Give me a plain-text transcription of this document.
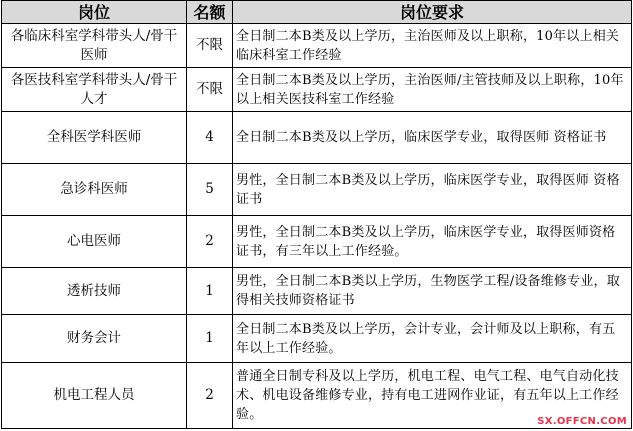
岗位	名额	岗位要求
各临床科室学科带头人/骨干医师	不限	全日制二本B类及以上学历，主治医师及以上职称，10年以上相关临床科室工作经验
各医技科室学科带头人/骨干人才	不限	全日制二本B类及以上学历，主治医师/主管技师及以上职称，10年以上相关医技科室工作经验
全科医学科医师	4	全日制二本B类及以上学历，临床医学专业，取得医师 资格证书
急诊科医师	5	男性，全日制二本B类及以上学历，临床医学专业，取得医师 资格证书
心电医师	2	男性，全日制二本B类及以上学历，临床医学专业，取得医师资格证书，有三年以上工作经验。
透析技师	1	男性，全日制二本B类以上学历，生物医学工程/设备维修专业，取得相关技师资格证书
财务会计	1	全日制二本B类及以上学历，会计专业，会计师及以上职称，有五年以上工作经验。
机电工程人员	2	普通全日制专科及以上学历，机电工程、电气工程、电气自动化技术、机电设备维修专业，持有电工进网作业证，有五年以上工作经验。	SX.OFFCN.COM
